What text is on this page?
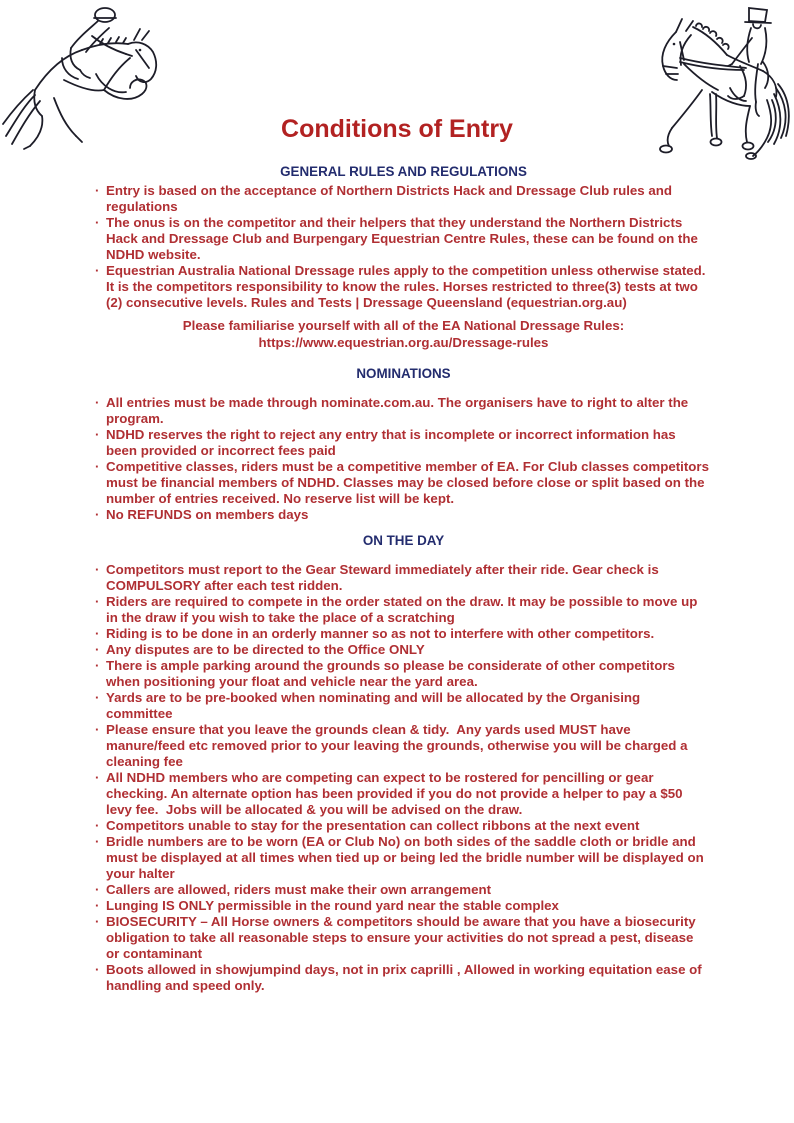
Conditions of Entry
GENERAL RULES AND REGULATIONS
· Entry is based on the acceptance of Northern Districts Hack and Dressage Club rules and regulations
· The onus is on the competitor and their helpers that they understand the Northern Districts Hack and Dressage Club and Burpengary Equestrian Centre Rules, these can be found on the NDHD website.
· Equestrian Australia National Dressage rules apply to the competition unless otherwise stated.  It is the competitors responsibility to know the rules. Horses restricted to three(3) tests at two (2) consecutive levels. Rules and Tests | Dressage Queensland (equestrian.org.au)
Please familiarise yourself with all of the EA National Dressage Rules:
https://www.equestrian.org.au/Dressage-rules
NOMINATIONS
· All entries must be made through nominate.com.au. The organisers have to right to alter the program.
· NDHD reserves the right to reject any entry that is incomplete or incorrect information has been provided or incorrect fees paid
· Competitive classes, riders must be a competitive member of EA. For Club classes competitors must be financial members of NDHD. Classes may be closed before close or split based on the number of entries received. No reserve list will be kept.
· No REFUNDS on members days
ON THE DAY
· Competitors must report to the Gear Steward immediately after their ride. Gear check is COMPULSORY after each test ridden.
· Riders are required to compete in the order stated on the draw. It may be possible to move up in the draw if you wish to take the place of a scratching
· Riding is to be done in an orderly manner so as not to interfere with other competitors.
· Any disputes are to be directed to the Office ONLY
· There is ample parking around the grounds so please be considerate of other competitors when positioning your float and vehicle near the yard area.
· Yards are to be pre-booked when nominating and will be allocated by the Organising committee
· Please ensure that you leave the grounds clean & tidy.  Any yards used MUST have manure/feed etc removed prior to your leaving the grounds, otherwise you will be charged a cleaning fee
· All NDHD members who are competing can expect to be rostered for pencilling or gear checking. An alternate option has been provided if you do not provide a helper to pay a $50 levy fee.  Jobs will be allocated & you will be advised on the draw.
· Competitors unable to stay for the presentation can collect ribbons at the next event
· Bridle numbers are to be worn (EA or Club No) on both sides of the saddle cloth or bridle and must be displayed at all times when tied up or being led the bridle number will be displayed on your halter
· Callers are allowed, riders must make their own arrangement
· Lunging IS ONLY permissible in the round yard near the stable complex
· BIOSECURITY – All Horse owners & competitors should be aware that you have a biosecurity obligation to take all reasonable steps to ensure your activities do not spread a pest, disease or contaminant
· Boots allowed in showjumpind days, not in prix caprilli , Allowed in working equitation ease of handling and speed only.
